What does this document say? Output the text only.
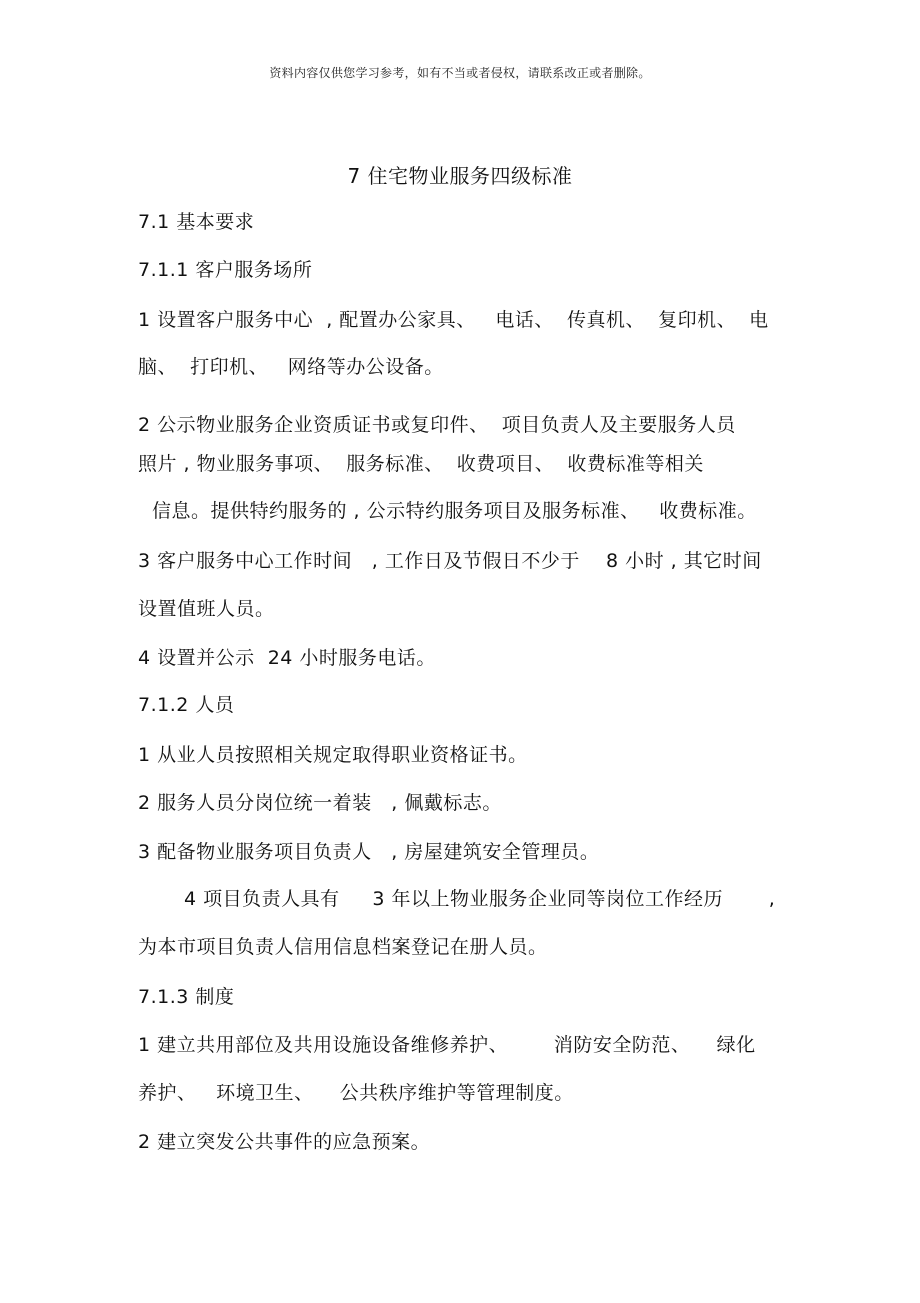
资料内容仅供您学习参考，如有不当或者侵权，请联系改正或者删除。
7 住宅物业服务四级标准
7.1 基本要求
7.1.1 客户服务场所
1 设置客户服务中心  , 配置办公家具、   电话、  传真机、  复印机、  电
脑、  打印机、   网络等办公设备。
2 公示物业服务企业资质证书或复印件、  项目负责人及主要服务人员
照片 , 物业服务事项、  服务标准、  收费项目、  收费标准等相关
信息。提供特约服务的 , 公示特约服务项目及服务标准、   收费标准。
3 客户服务中心工作时间   , 工作日及节假日不少于    8 小时 , 其它时间
设置值班人员。
4 设置并公示  24 小时服务电话。
7.1.2 人员
1 从业人员按照相关规定取得职业资格证书。
2 服务人员分岗位统一着装   , 佩戴标志。
3 配备物业服务项目负责人   , 房屋建筑安全管理员。
4 项目负责人具有     3 年以上物业服务企业同等岗位工作经历       ,
为本市项目负责人信用信息档案登记在册人员。
7.1.3 制度
1 建立共用部位及共用设施设备维修养护、       消防安全防范、    绿化
养护、   环境卫生、    公共秩序维护等管理制度。
2 建立突发公共事件的应急预案。
